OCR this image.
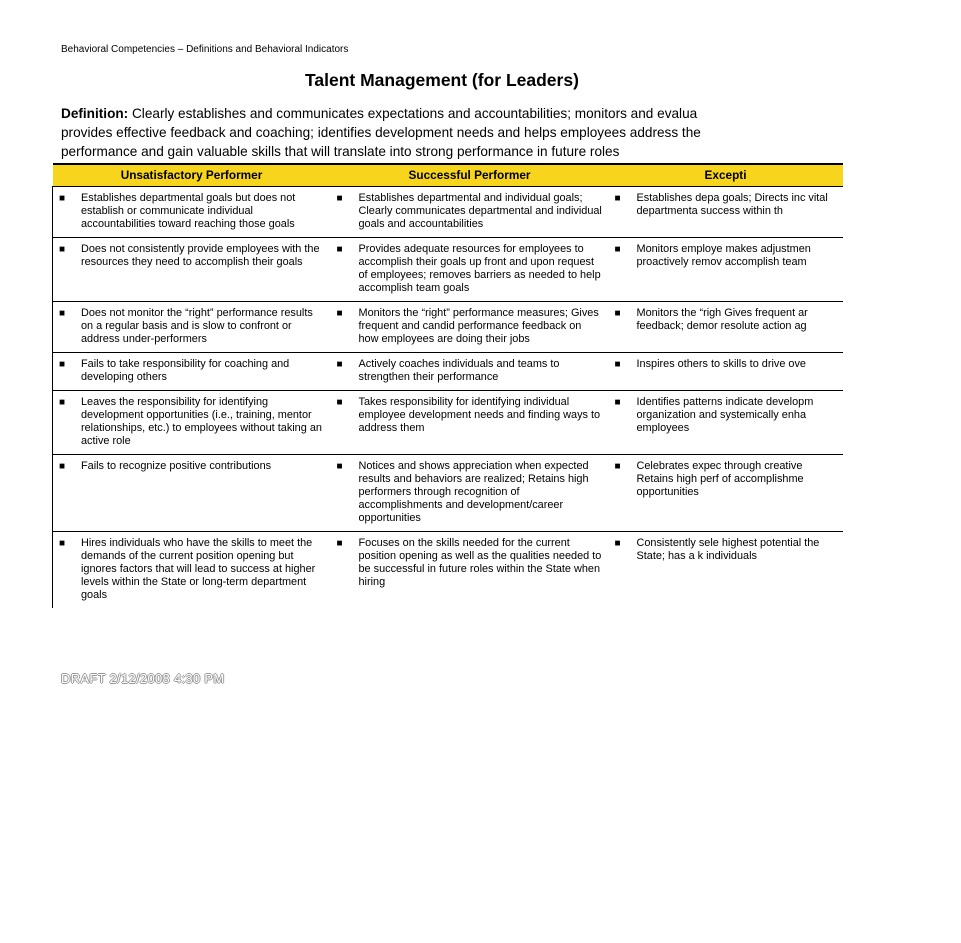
Behavioral Competencies – Definitions and Behavioral Indicators
Talent Management (for Leaders)
Definition: Clearly establishes and communicates expectations and accountabilities; monitors and evalua
provides effective feedback and coaching; identifies development needs and helps employees address the
performance and gain valuable skills that will translate into strong performance in future roles
Unsatisfactory Performer	Successful Performer	Excepti

■ Establishes departmental goals but does not establish or communicate individual accountabilities toward reaching those goals	■ Establishes departmental and individual goals; Clearly communicates departmental and individual goals and accountabilities	■ Establishes depa goals; Directs inc vital departmenta success within th

■ Does not consistently provide employees with the resources they need to accomplish their goals	■ Provides adequate resources for employees to accomplish their goals up front and upon request of employees; removes barriers as needed to help accomplish team goals	■ Monitors employe makes adjustmen proactively remov accomplish team

■ Does not monitor the “right” performance results on a regular basis and is slow to confront or address under-performers	■ Monitors the “right” performance measures; Gives frequent and candid performance feedback on how employees are doing their jobs	■ Monitors the “righ Gives frequent ar feedback; demor resolute action ag

■ Fails to take responsibility for coaching and developing others	■ Actively coaches individuals and teams to strengthen their performance	■ Inspires others to skills to drive ove

■ Leaves the responsibility for identifying development opportunities (i.e., training, mentor relationships, etc.) to employees without taking an active role	■ Takes responsibility for identifying individual employee development needs and finding ways to address them	■ Identifies patterns indicate developm organization and systemically enha employees

■ Fails to recognize positive contributions	■ Notices and shows appreciation when expected results and behaviors are realized; Retains high performers through recognition of accomplishments and development/career opportunities	■ Celebrates expec through creative Retains high perf of accomplishme opportunities

■ Hires individuals who have the skills to meet the demands of the current position opening but ignores factors that will lead to success at higher levels within the State or long-term department goals	■ Focuses on the skills needed for the current position opening as well as the qualities needed to be successful in future roles within the State when hiring	■ Consistently sele highest potential the State; has a k individuals
DRAFT 2/12/2008 4:30 PM
